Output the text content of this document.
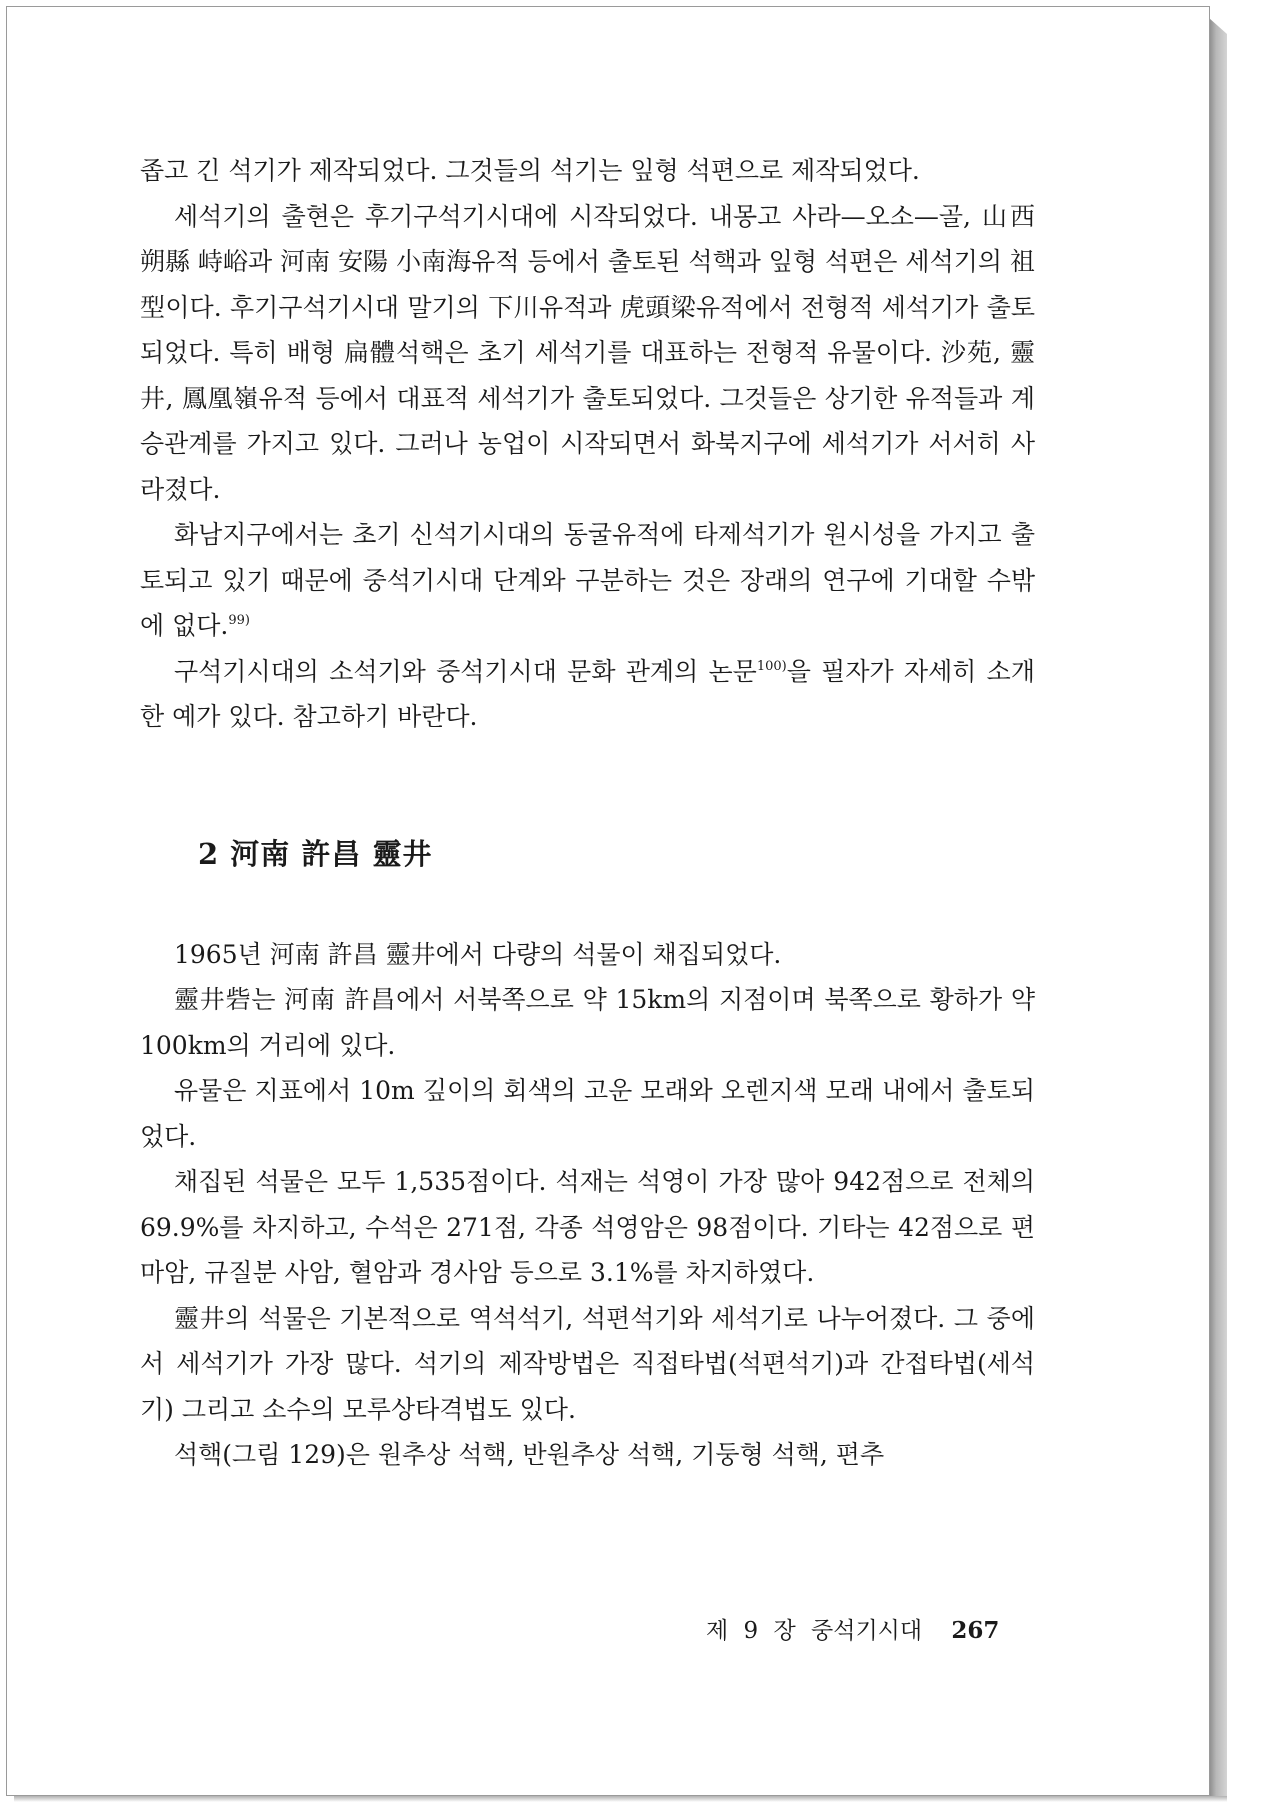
좁고 긴 석기가 제작되었다. 그것들의 석기는 잎형 석편으로 제작되었다.

세석기의 출현은 후기구석기시대에 시작되었다. 내몽고 사라—오소—골, 山西 朔縣 峙峪과 河南 安陽 小南海유적 등에서 출토된 석핵과 잎형 석편은 세석기의 祖型이다. 후기구석기시대 말기의 下川유적과 虎頭梁유적에서 전형적 세석기가 출토되었다. 특히 배형 扁體석핵은 초기 세석기를 대표하는 전형적 유물이다. 沙苑, 靈井, 鳳凰嶺유적 등에서 대표적 세석기가 출토되었다. 그것들은 상기한 유적들과 계승관계를 가지고 있다. 그러나 농업이 시작되면서 화북지구에 세석기가 서서히 사라졌다.

화남지구에서는 초기 신석기시대의 동굴유적에 타제석기가 원시성을 가지고 출토되고 있기 때문에 중석기시대 단계와 구분하는 것은 장래의 연구에 기대할 수밖에 없다.$^{99)}$

구석기시대의 소석기와 중석기시대 문화 관계의 논문$^{100)}$을 필자가 자세히 소개한 예가 있다. 참고하기 바란다.

2 河南 許昌 靈井

1965년 河南 許昌 靈井에서 다량의 석물이 채집되었다.

靈井砦는 河南 許昌에서 서북쪽으로 약 15km의 지점이며 북쪽으로 황하가 약 100km의 거리에 있다.

유물은 지표에서 10m 깊이의 회색의 고운 모래와 오렌지색 모래 내에서 출토되었다.

채집된 석물은 모두 1,535점이다. 석재는 석영이 가장 많아 942점으로 전체의 69.9%를 차지하고, 수석은 271점, 각종 석영암은 98점이다. 기타는 42점으로 편마암, 규질분 사암, 혈암과 경사암 등으로 3.1%를 차지하였다.

靈井의 석물은 기본적으로 역석석기, 석편석기와 세석기로 나누어졌다. 그 중에서 세석기가 가장 많다. 석기의 제작방법은 직접타법(석편석기)과 간접타법(세석기) 그리고 소수의 모루상타격법도 있다.

석핵(그림 129)은 원추상 석핵, 반원추상 석핵, 기둥형 석핵, 편추

제 9 장 중석기시대 267
